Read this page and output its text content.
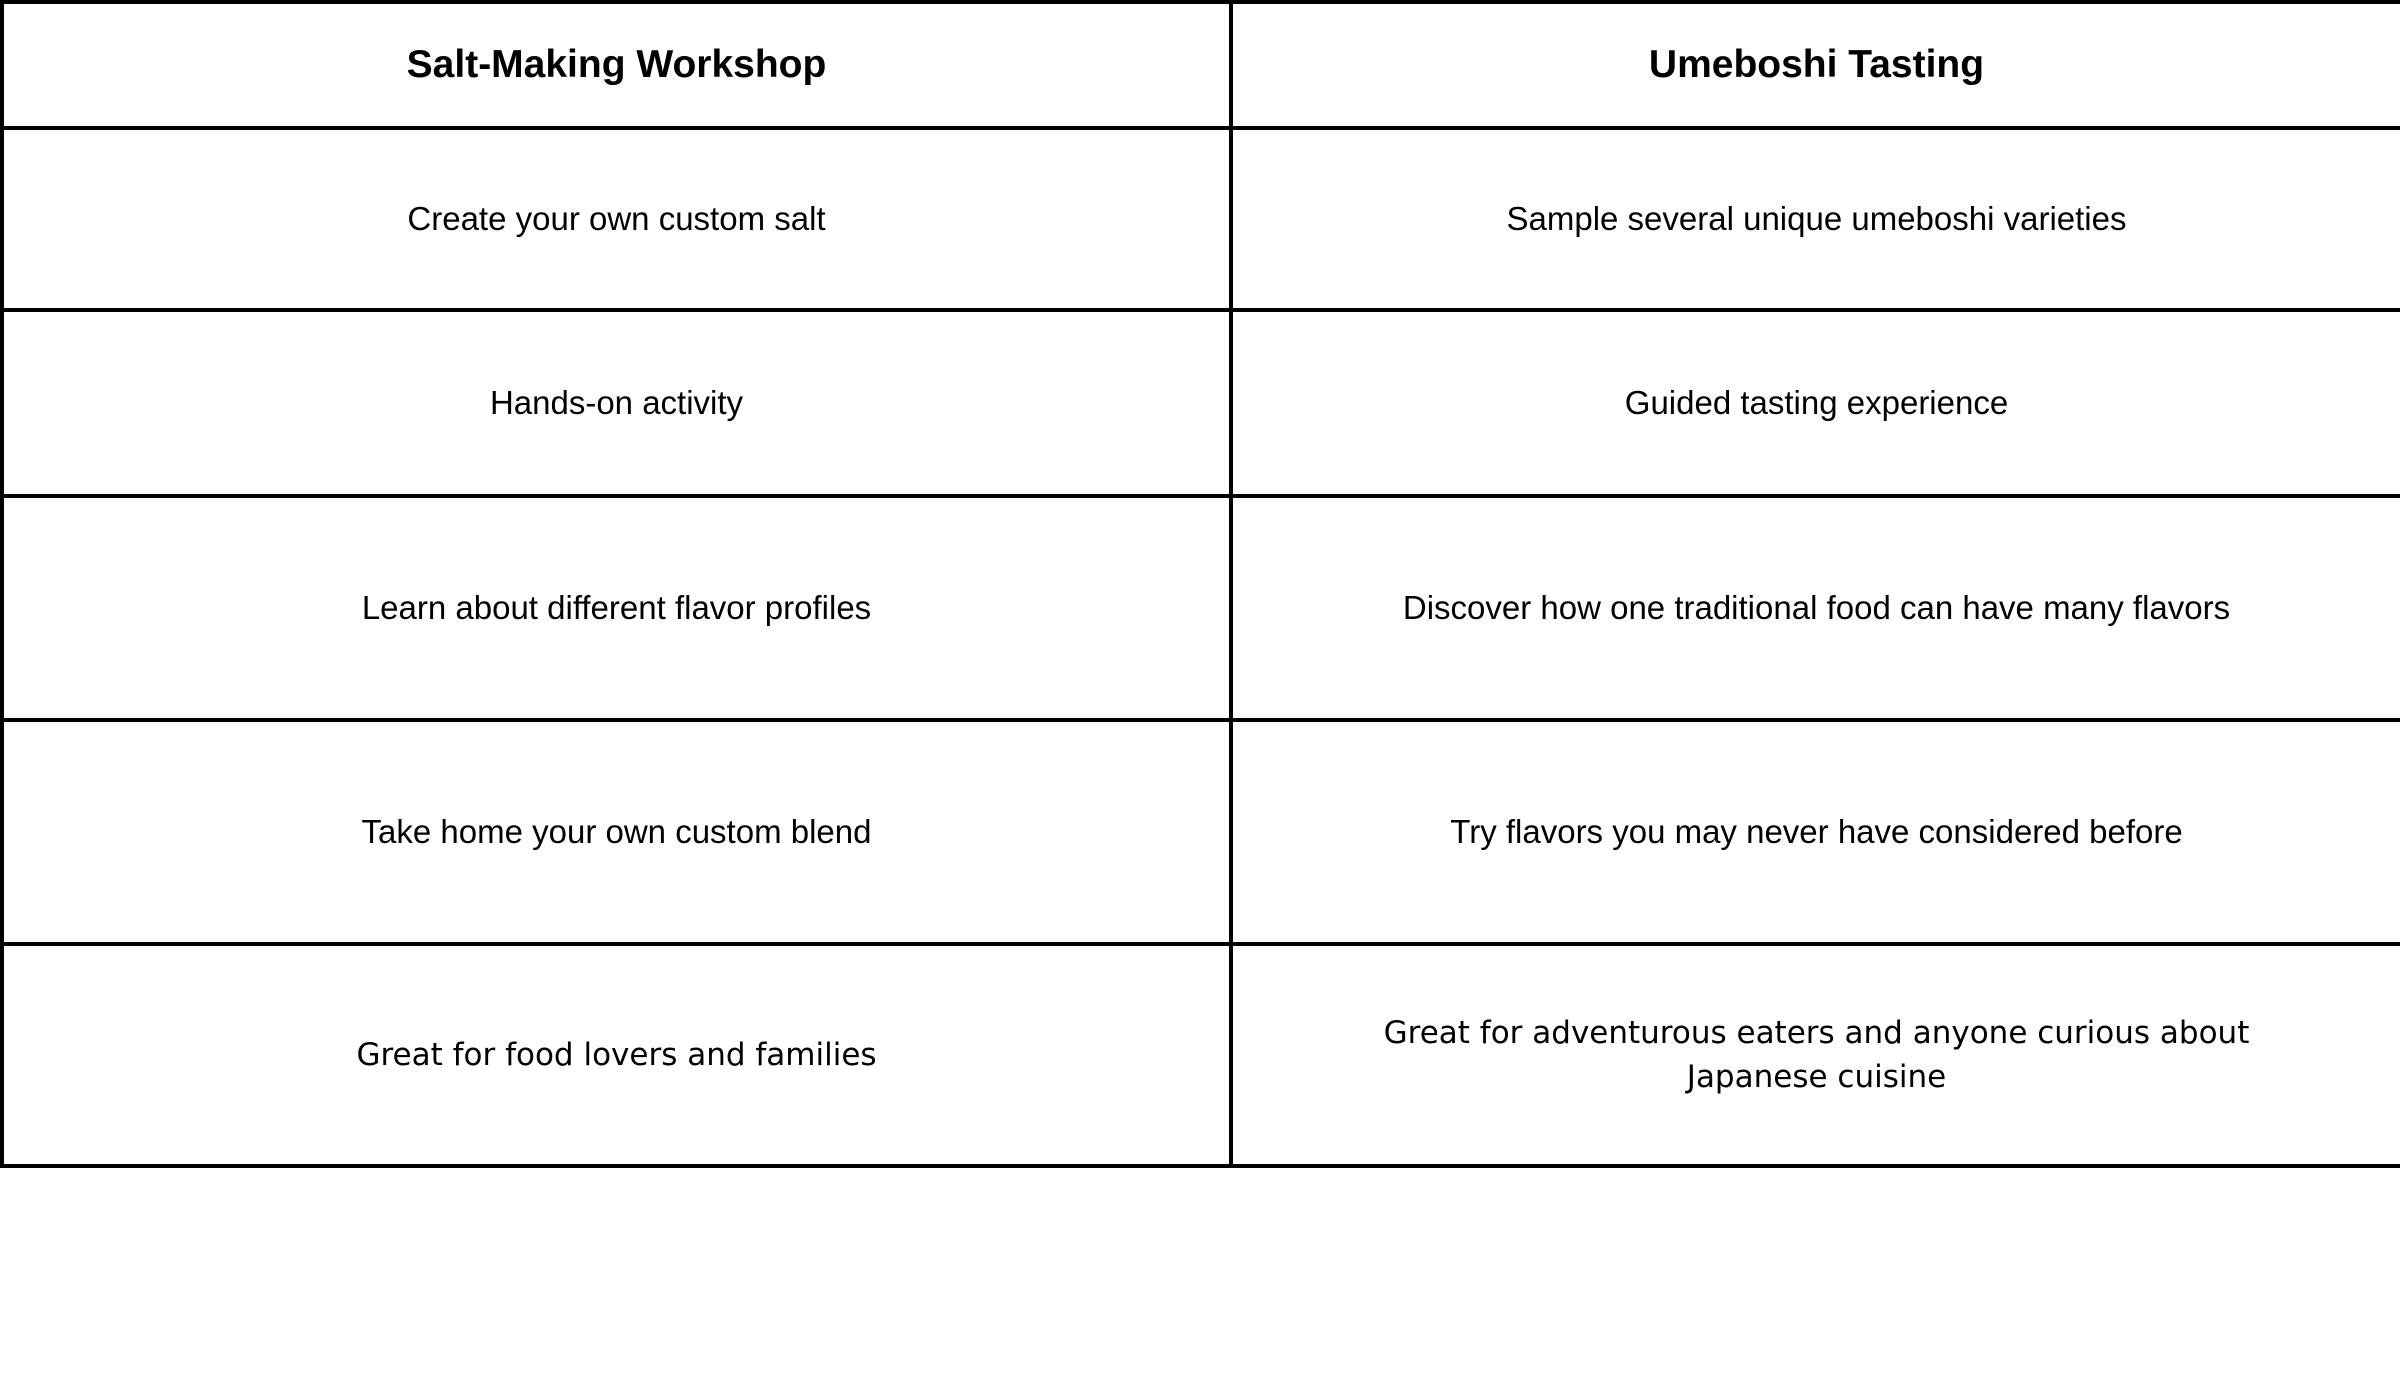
Salt-Making Workshop	Umeboshi Tasting
Create your own custom salt	Sample several unique umeboshi varieties
Hands-on activity	Guided tasting experience
Learn about different flavor profiles	Discover how one traditional food can have many flavors
Take home your own custom blend	Try flavors you may never have considered before
Great for food lovers and families	Great for adventurous eaters and anyone curious about Japanese cuisine
